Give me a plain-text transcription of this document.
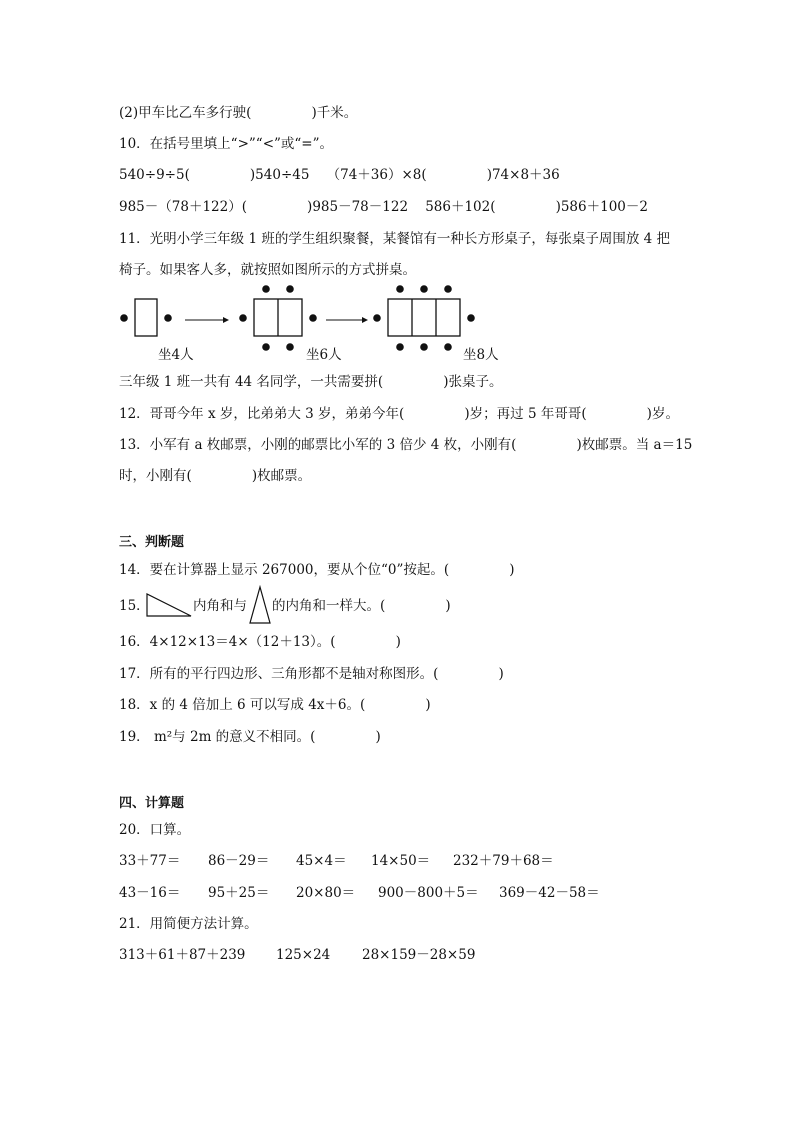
(2)甲车比乙车多行驶(              )千米。
10．在括号里填上“>”“<”或“=”。
540÷9÷5(              )540÷45    （74＋36）×8(              )74×8＋36
985－（78＋122）(              )985－78－122    586＋102(              )586＋100－2
11．光明小学三年级 1 班的学生组织聚餐，某餐馆有一种长方形桌子，每张桌子周围放 4 把
椅子。如果客人多，就按照如图所示的方式拼桌。
坐4人	坐6人	坐8人
三年级 1 班一共有 44 名同学，一共需要拼(              )张桌子。
12．哥哥今年 x 岁，比弟弟大 3 岁，弟弟今年(              )岁；再过 5 年哥哥(              )岁。
13．小军有 a 枚邮票，小刚的邮票比小军的 3 倍少 4 枚，小刚有(              )枚邮票。当 a＝15
时，小刚有(              )枚邮票。
三、判断题
14．要在计算器上显示 267000，要从个位“0”按起。(              )
15．	内角和与 的内角和一样大。(              )
16．4×12×13＝4×（12＋13）。(              )
17．所有的平行四边形、三角形都不是轴对称图形。(              )
18．x 的 4 倍加上 6 可以写成 4x＋6。(              )
19． m²与 2m 的意义不相同。(              )
四、计算题
20．口算。
33＋77＝ 86－29＝ 45×4＝ 14×50＝ 232＋79＋68＝
43－16＝ 95＋25＝ 20×80＝ 900－800＋5＝ 369－42－58＝
21．用简便方法计算。
313＋61＋87＋239 125×24 28×159－28×59
